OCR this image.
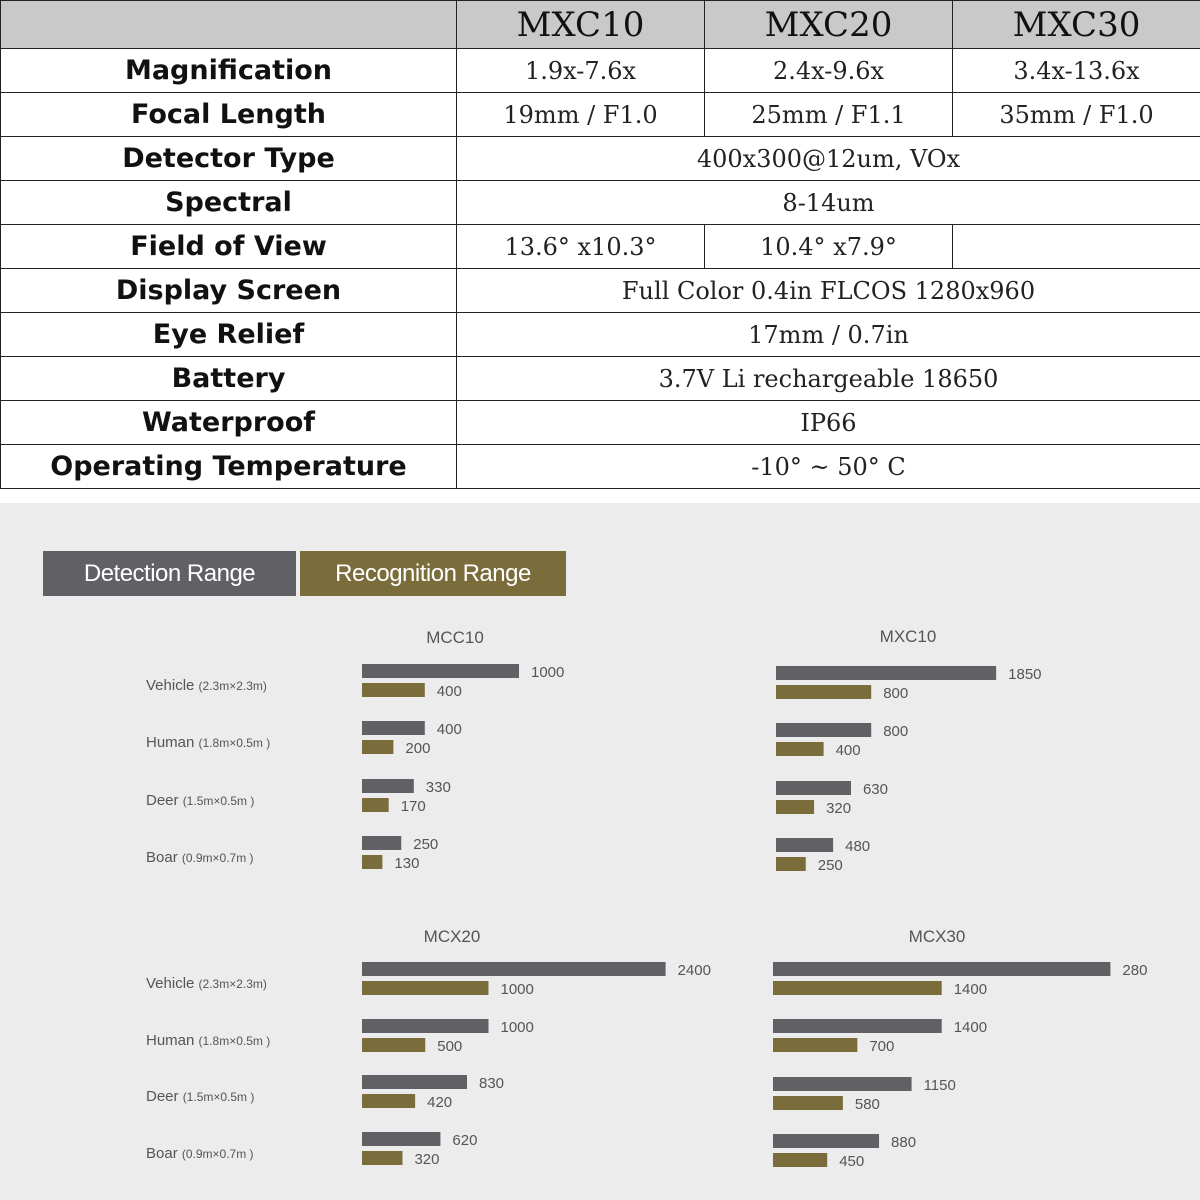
	MXC10	MXC20	MXC30
Magnification	1.9x-7.6x	2.4x-9.6x	3.4x-13.6x
Focal Length	19mm / F1.0	25mm / F1.1	35mm / F1.0
Detector Type	400x300@12um, VOx		
Spectral	8-14um		
Field of View	13.6° x10.3°	10.4° x7.9°	
Display Screen	Full Color 0.4in FLCOS 1280x960		
Eye Relief	17mm / 0.7in		
Battery	3.7V Li rechargeable 18650		
Waterproof	IP66		
Operating Temperature	-10° ~ 50° C		
Detection Range	Recognition Range
MCC10
Vehicle (2.3m×2.3m)
1000
400
Human (1.8m×0.5m )
400
200
Deer (1.5m×0.5m )
330
170
Boar (0.9m×0.7m )
250
130
MXC10
1850
800
800
400
630
320
480
250
MCX20
Vehicle (2.3m×2.3m)
2400
1000
Human (1.8m×0.5m )
1000
500
Deer (1.5m×0.5m )
830
420
Boar (0.9m×0.7m )
620
320
MCX30
280
1400
1400
700
1150
580
880
450
